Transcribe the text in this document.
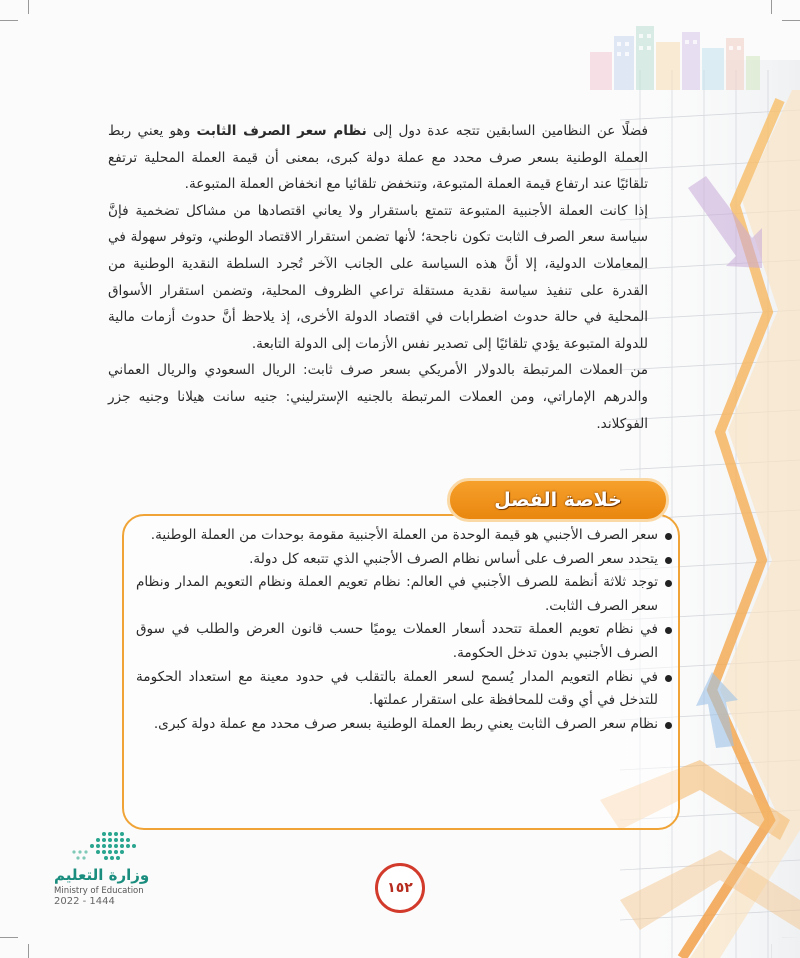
فضلًا عن النظامين السابقين تتجه عدة دول إلى نظام سعر الصرف الثابت وهو يعني ربط العملة الوطنية بسعر صرف محدد مع عملة دولة كبرى، بمعنى أن قيمة العملة المحلية ترتفع تلقائيًا عند ارتفاع قيمة العملة المتبوعة، وتنخفض تلقائيا مع انخفاض العملة المتبوعة.

إذا كانت العملة الأجنبية المتبوعة تتمتع باستقرار ولا يعاني اقتصادها من مشاكل تضخمية فإنَّ سياسة سعر الصرف الثابت تكون ناجحة؛ لأنها تضمن استقرار الاقتصاد الوطني، وتوفر سهولة في المعاملات الدولية، إلا أنَّ هذه السياسة على الجانب الآخر تُجرد السلطة النقدية الوطنية من القدرة على تنفيذ سياسة نقدية مستقلة تراعي الظروف المحلية، وتضمن استقرار الأسواق المحلية في حالة حدوث اضطرابات في اقتصاد الدولة الأخرى، إذ يلاحظ أنَّ حدوث أزمات مالية للدولة المتبوعة يؤدي تلقائيًا إلى تصدير نفس الأزمات إلى الدولة التابعة.

من العملات المرتبطة بالدولار الأمريكي بسعر صرف ثابت: الريال السعودي والريال العماني والدرهم الإماراتي، ومن العملات المرتبطة بالجنيه الإسترليني: جنيه سانت هيلانا وجنيه جزر الفوكلاند.

خلاصة الفصل
سعر الصرف الأجنبي هو قيمة الوحدة من العملة الأجنبية مقومة بوحدات من العملة الوطنية.
يتحدد سعر الصرف على أساس نظام الصرف الأجنبي الذي تتبعه كل دولة.
توجد ثلاثة أنظمة للصرف الأجنبي في العالم: نظام تعويم العملة ونظام التعويم المدار ونظام سعر الصرف الثابت.
في نظام تعويم العملة تتحدد أسعار العملات يوميًا حسب قانون العرض والطلب في سوق الصرف الأجنبي بدون تدخل الحكومة.
في نظام التعويم المدار يُسمح لسعر العملة بالتقلب في حدود معينة مع استعداد الحكومة للتدخل في أي وقت للمحافظة على استقرار عملتها.
نظام سعر الصرف الثابت يعني ربط العملة الوطنية بسعر صرف محدد مع عملة دولة كبرى.
وزارة التعليم
Ministry of Education
2022 - 1444
١٥٢
